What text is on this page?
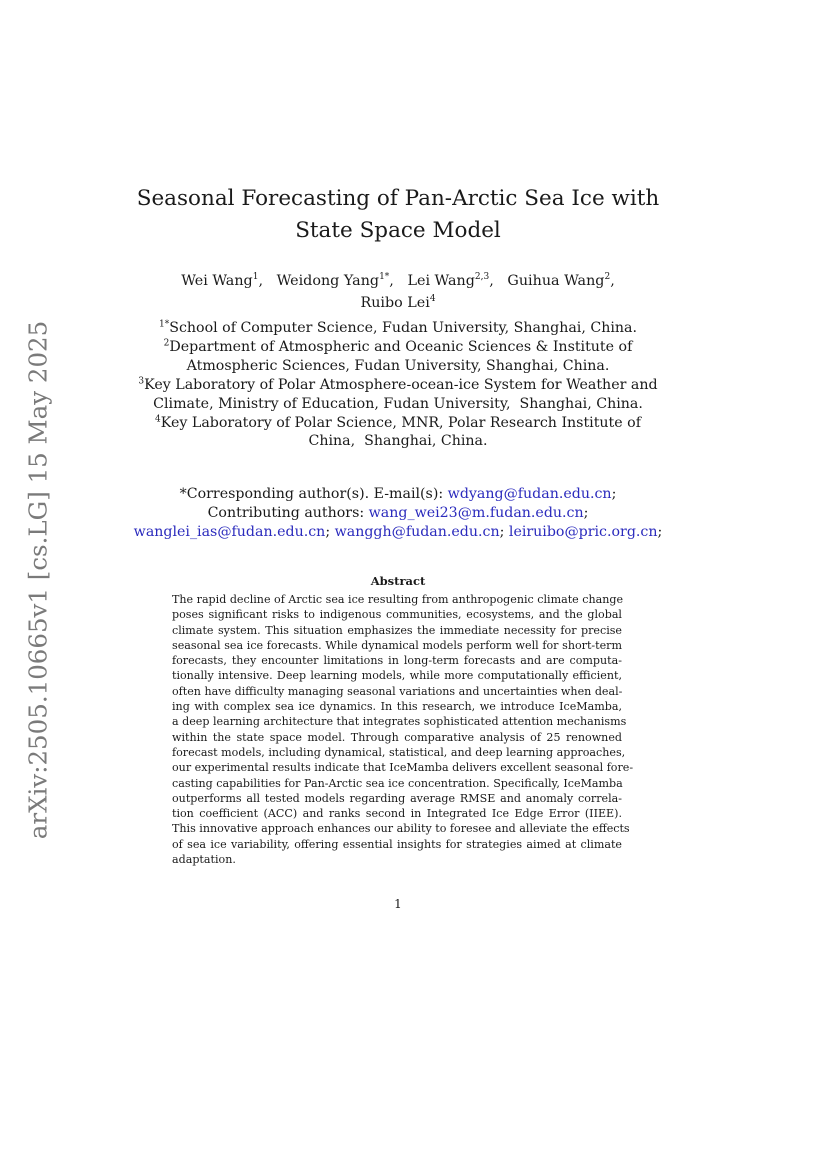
arXiv:2505.10665v1 [cs.LG] 15 May 2025
Seasonal Forecasting of Pan-Arctic Sea Ice with
State Space Model
Wei Wang$^1$,   Weidong Yang$^{1*}$,   Lei Wang$^{2,3}$,   Guihua Wang$^2$,
Ruibo Lei$^4$
$^{1*}$School of Computer Science, Fudan University, Shanghai, China.
$^2$Department of Atmospheric and Oceanic Sciences & Institute of
Atmospheric Sciences, Fudan University, Shanghai, China.
$^3$Key Laboratory of Polar Atmosphere-ocean-ice System for Weather and
Climate, Ministry of Education, Fudan University,  Shanghai, China.
$^4$Key Laboratory of Polar Science, MNR, Polar Research Institute of
China,  Shanghai, China.
*Corresponding author(s). E-mail(s): wdyang@fudan.edu.cn;
Contributing authors: wang_wei23@m.fudan.edu.cn;
wanglei_ias@fudan.edu.cn; wanggh@fudan.edu.cn; leiruibo@pric.org.cn;
Abstract
The rapid decline of Arctic sea ice resulting from anthropogenic climate change
poses significant risks to indigenous communities, ecosystems, and the global
climate system. This situation emphasizes the immediate necessity for precise
seasonal sea ice forecasts. While dynamical models perform well for short-term
forecasts, they encounter limitations in long-term forecasts and are computa-
tionally intensive. Deep learning models, while more computationally efficient,
often have difficulty managing seasonal variations and uncertainties when deal-
ing with complex sea ice dynamics. In this research, we introduce IceMamba,
a deep learning architecture that integrates sophisticated attention mechanisms
within the state space model. Through comparative analysis of 25 renowned
forecast models, including dynamical, statistical, and deep learning approaches,
our experimental results indicate that IceMamba delivers excellent seasonal fore-
casting capabilities for Pan-Arctic sea ice concentration. Specifically, IceMamba
outperforms all tested models regarding average RMSE and anomaly correla-
tion coefficient (ACC) and ranks second in Integrated Ice Edge Error (IIEE).
This innovative approach enhances our ability to foresee and alleviate the effects
of sea ice variability, offering essential insights for strategies aimed at climate
adaptation.
1
